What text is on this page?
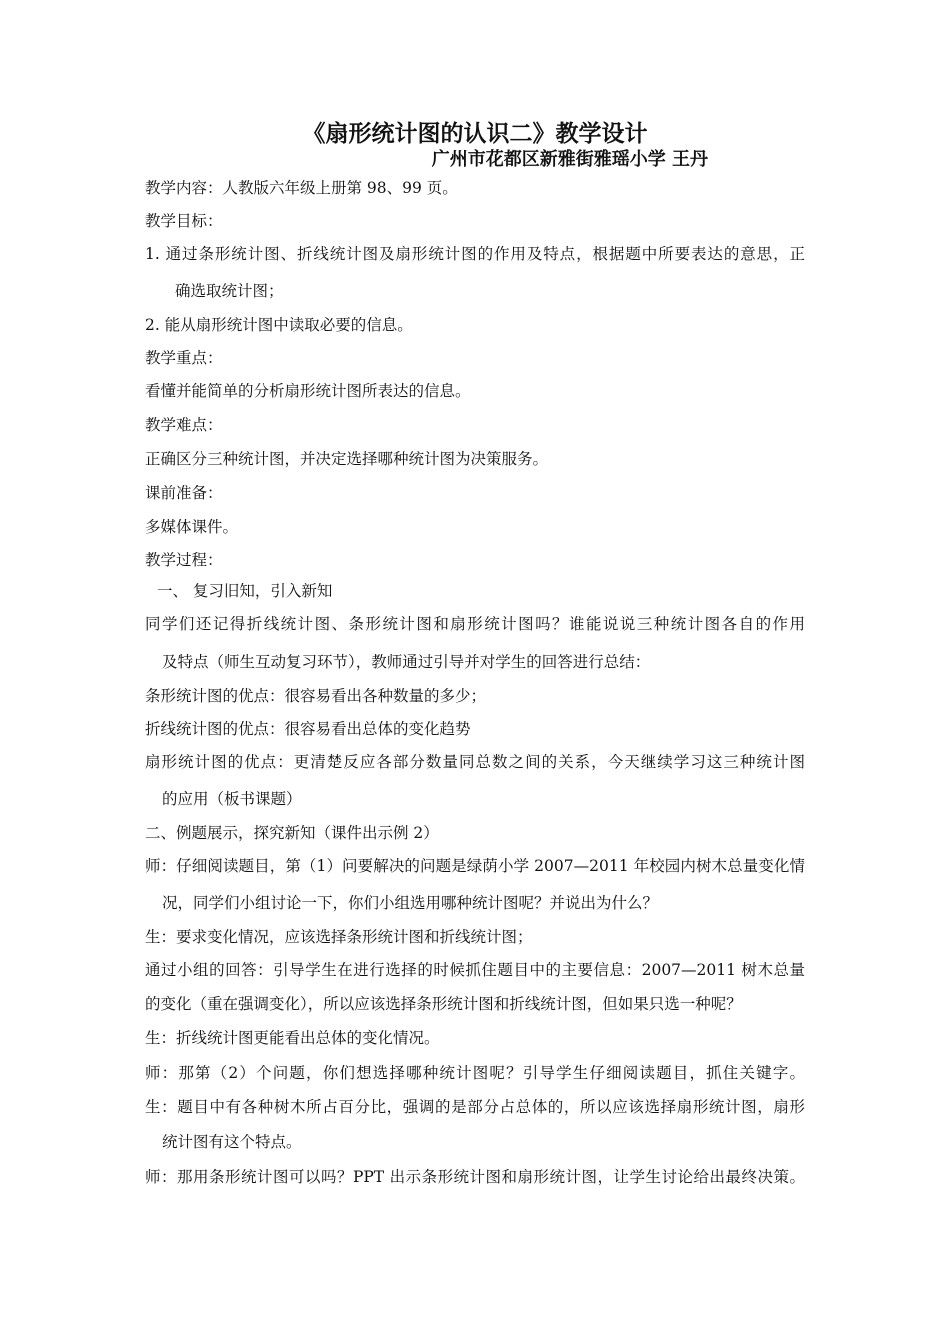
《扇形统计图的认识二》教学设计
广州市花都区新雅街雅瑶小学 王丹
教学内容：人教版六年级上册第 98、99 页。
教学目标：
1. 通过条形统计图、折线统计图及扇形统计图的作用及特点，根据题中所要表达的意思，正
确选取统计图；
2. 能从扇形统计图中读取必要的信息。
教学重点：
看懂并能简单的分析扇形统计图所表达的信息。
教学难点：
正确区分三种统计图，并决定选择哪种统计图为决策服务。
课前准备：
多媒体课件。
教学过程：
一、 复习旧知，引入新知
同学们还记得折线统计图、条形统计图和扇形统计图吗？谁能说说三种统计图各自的作用
及特点（师生互动复习环节），教师通过引导并对学生的回答进行总结：
条形统计图的优点：很容易看出各种数量的多少；
折线统计图的优点：很容易看出总体的变化趋势
扇形统计图的优点：更清楚反应各部分数量同总数之间的关系，今天继续学习这三种统计图
的应用（板书课题）
二、例题展示，探究新知（课件出示例 2）
师：仔细阅读题目，第（1）问要解决的问题是绿荫小学 2007—2011 年校园内树木总量变化情
况，同学们小组讨论一下，你们小组选用哪种统计图呢？并说出为什么？
生：要求变化情况，应该选择条形统计图和折线统计图；
通过小组的回答：引导学生在进行选择的时候抓住题目中的主要信息：2007—2011 树木总量
的变化（重在强调变化），所以应该选择条形统计图和折线统计图，但如果只选一种呢？
生：折线统计图更能看出总体的变化情况。
师：那第（2）个问题，你们想选择哪种统计图呢？引导学生仔细阅读题目，抓住关键字。
生：题目中有各种树木所占百分比，强调的是部分占总体的，所以应该选择扇形统计图，扇形
统计图有这个特点。
师：那用条形统计图可以吗？PPT 出示条形统计图和扇形统计图，让学生讨论给出最终决策。
